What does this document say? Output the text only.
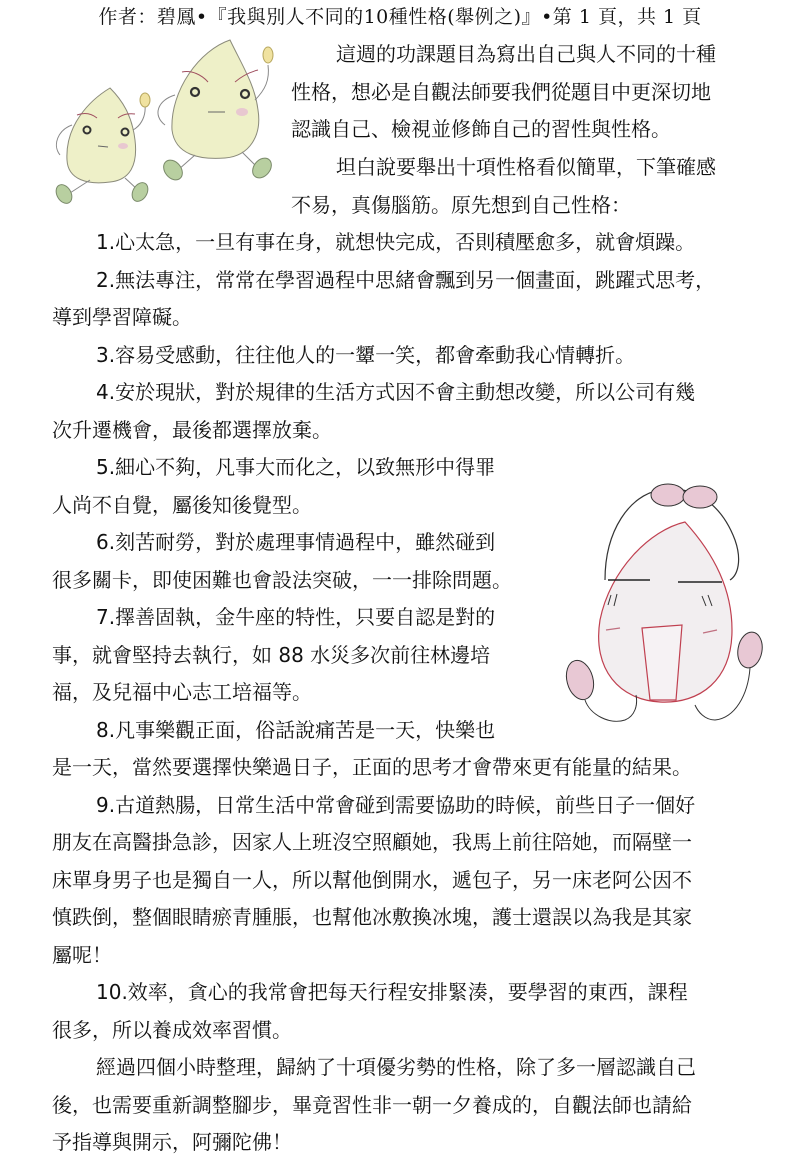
作者：碧鳳•『我與別人不同的10種性格(舉例之)』•第 1 頁，共 1 頁
這週的功課題目為寫出自己與人不同的十種
性格，想必是自觀法師要我們從題目中更深切地
認識自己、檢視並修飾自己的習性與性格。
坦白說要舉出十項性格看似簡單，下筆確感
不易，真傷腦筋。原先想到自己性格：
1.心太急，一旦有事在身，就想快完成，否則積壓愈多，就會煩躁。
2.無法專注，常常在學習過程中思緒會飄到另一個畫面，跳躍式思考，
導到學習障礙。
3.容易受感動，往往他人的一顰一笑，都會牽動我心情轉折。
4.安於現狀，對於規律的生活方式因不會主動想改變，所以公司有幾
次升遷機會，最後都選擇放棄。
5.細心不夠，凡事大而化之，以致無形中得罪
人尚不自覺，屬後知後覺型。
6.刻苦耐勞，對於處理事情過程中，雖然碰到
很多關卡，即使困難也會設法突破，一一排除問題。
7.擇善固執，金牛座的特性，只要自認是對的
事，就會堅持去執行，如 88 水災多次前往林邊培
福，及兒福中心志工培福等。
8.凡事樂觀正面，俗話說痛苦是一天，快樂也
是一天，當然要選擇快樂過日子，正面的思考才會帶來更有能量的結果。
9.古道熱腸，日常生活中常會碰到需要協助的時候，前些日子一個好
朋友在高醫掛急診，因家人上班沒空照顧她，我馬上前往陪她，而隔壁一
床單身男子也是獨自一人，所以幫他倒開水，遞包子，另一床老阿公因不
慎跌倒，整個眼睛瘀青腫脹，也幫他冰敷換冰塊，護士還誤以為我是其家
屬呢！
10.效率，貪心的我常會把每天行程安排緊湊，要學習的東西，課程
很多，所以養成效率習慣。
經過四個小時整理，歸納了十項優劣勢的性格，除了多一層認識自己
後，也需要重新調整腳步，畢竟習性非一朝一夕養成的，自觀法師也請給
予指導與開示，阿彌陀佛！
